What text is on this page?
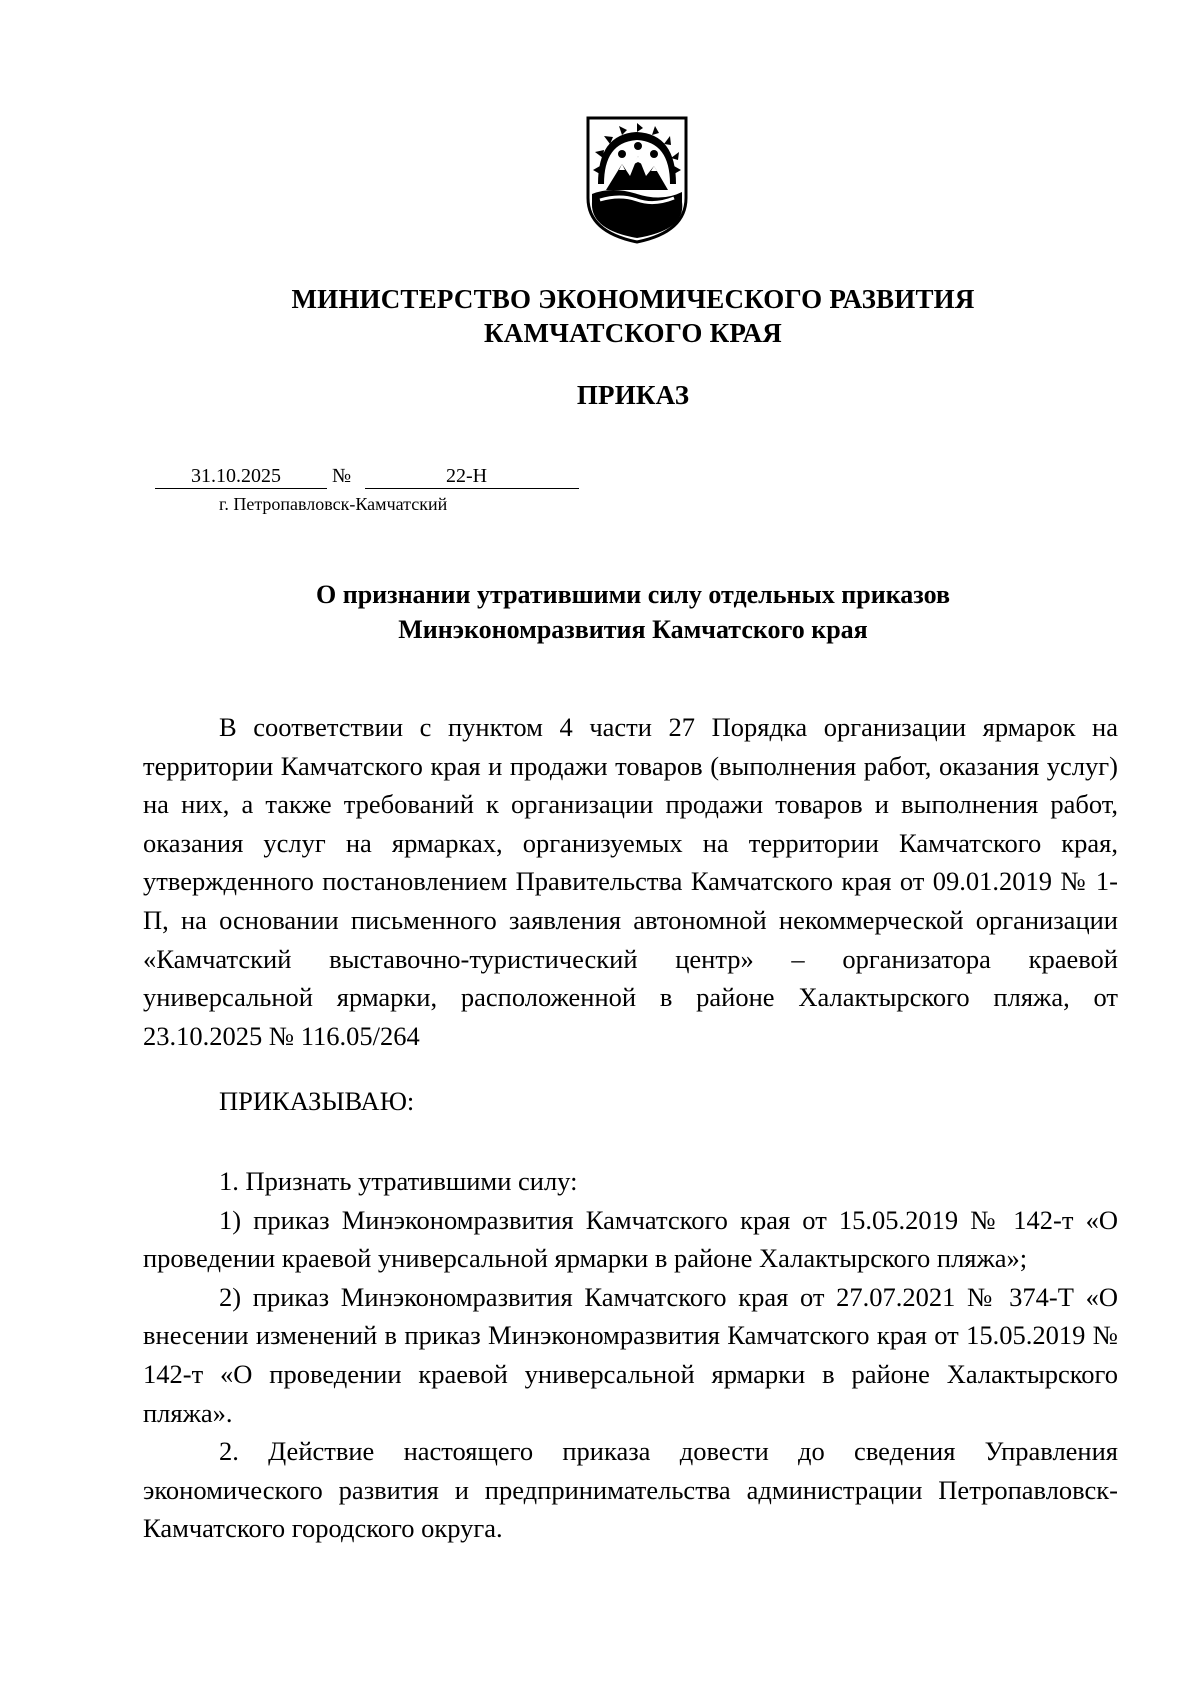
МИНИСТЕРСТВО ЭКОНОМИЧЕСКОГО РАЗВИТИЯ
КАМЧАТСКОГО КРАЯ
ПРИКАЗ
31.10.2025	№	22-Н
г. Петропавловск-Камчатский
О признании утратившими силу отдельных приказов
Минэкономразвития Камчатского края

В соответствии с пунктом 4 части 27 Порядка организации ярмарок на территории Камчатского края и продажи товаров (выполнения работ, оказания услуг) на них, а также требований к организации продажи товаров и выполнения работ, оказания услуг на ярмарках, организуемых на территории Камчатского края, утвержденного постановлением Правительства Камчатского края от 09.01.2019 № 1-П, на основании письменного заявления автономной некоммерческой организации «Камчатский выставочно-туристический центр» – организатора краевой универсальной ярмарки, расположенной в районе Халактырского пляжа, от 23.10.2025 № 116.05/264

ПРИКАЗЫВАЮ:

1. Признать утратившими силу:

1) приказ Минэкономразвития Камчатского края от 15.05.2019 № 142-т «О проведении краевой универсальной ярмарки в районе Халактырского пляжа»;

2) приказ Минэкономразвития Камчатского края от 27.07.2021 № 374-Т «О внесении изменений в приказ Минэкономразвития Камчатского края от 15.05.2019 № 142-т «О проведении краевой универсальной ярмарки в районе Халактырского пляжа».

2. Действие настоящего приказа довести до сведения Управления экономического развития и предпринимательства администрации Петропавловск-Камчатского городского округа.
